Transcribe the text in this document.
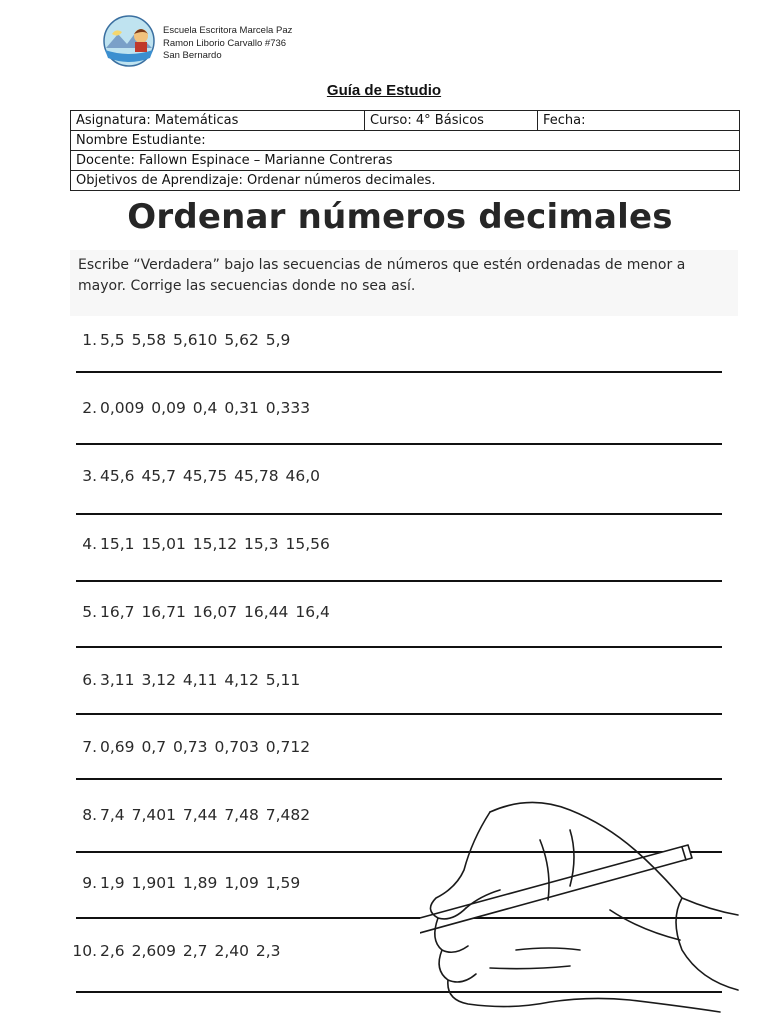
Escuela Escritora Marcela Paz
Ramon Liborio Carvallo #736
San Bernardo
Guía de Estudio
Asignatura: Matemáticas	Curso: 4° Básicos	Fecha:
Nombre Estudiante:
Docente: Fallown Espinace – Marianne Contreras
Objetivos de Aprendizaje: Ordenar números decimales.
Ordenar números decimales
Escribe “Verdadera” bajo las secuencias de números que estén ordenadas de menor a mayor. Corrige las secuencias donde no sea así.
1. 5,5 5,58 5,610 5,62 5,9
2. 0,009 0,09 0,4 0,31 0,333
3. 45,6 45,7 45,75 45,78 46,0
4. 15,1 15,01 15,12 15,3 15,56
5. 16,7 16,71 16,07 16,44 16,4
6. 3,11 3,12 4,11 4,12 5,11
7. 0,69 0,7 0,73 0,703 0,712
8. 7,4 7,401 7,44 7,48 7,482
9. 1,9 1,901 1,89 1,09 1,59
10. 2,6 2,609 2,7 2,40 2,3
